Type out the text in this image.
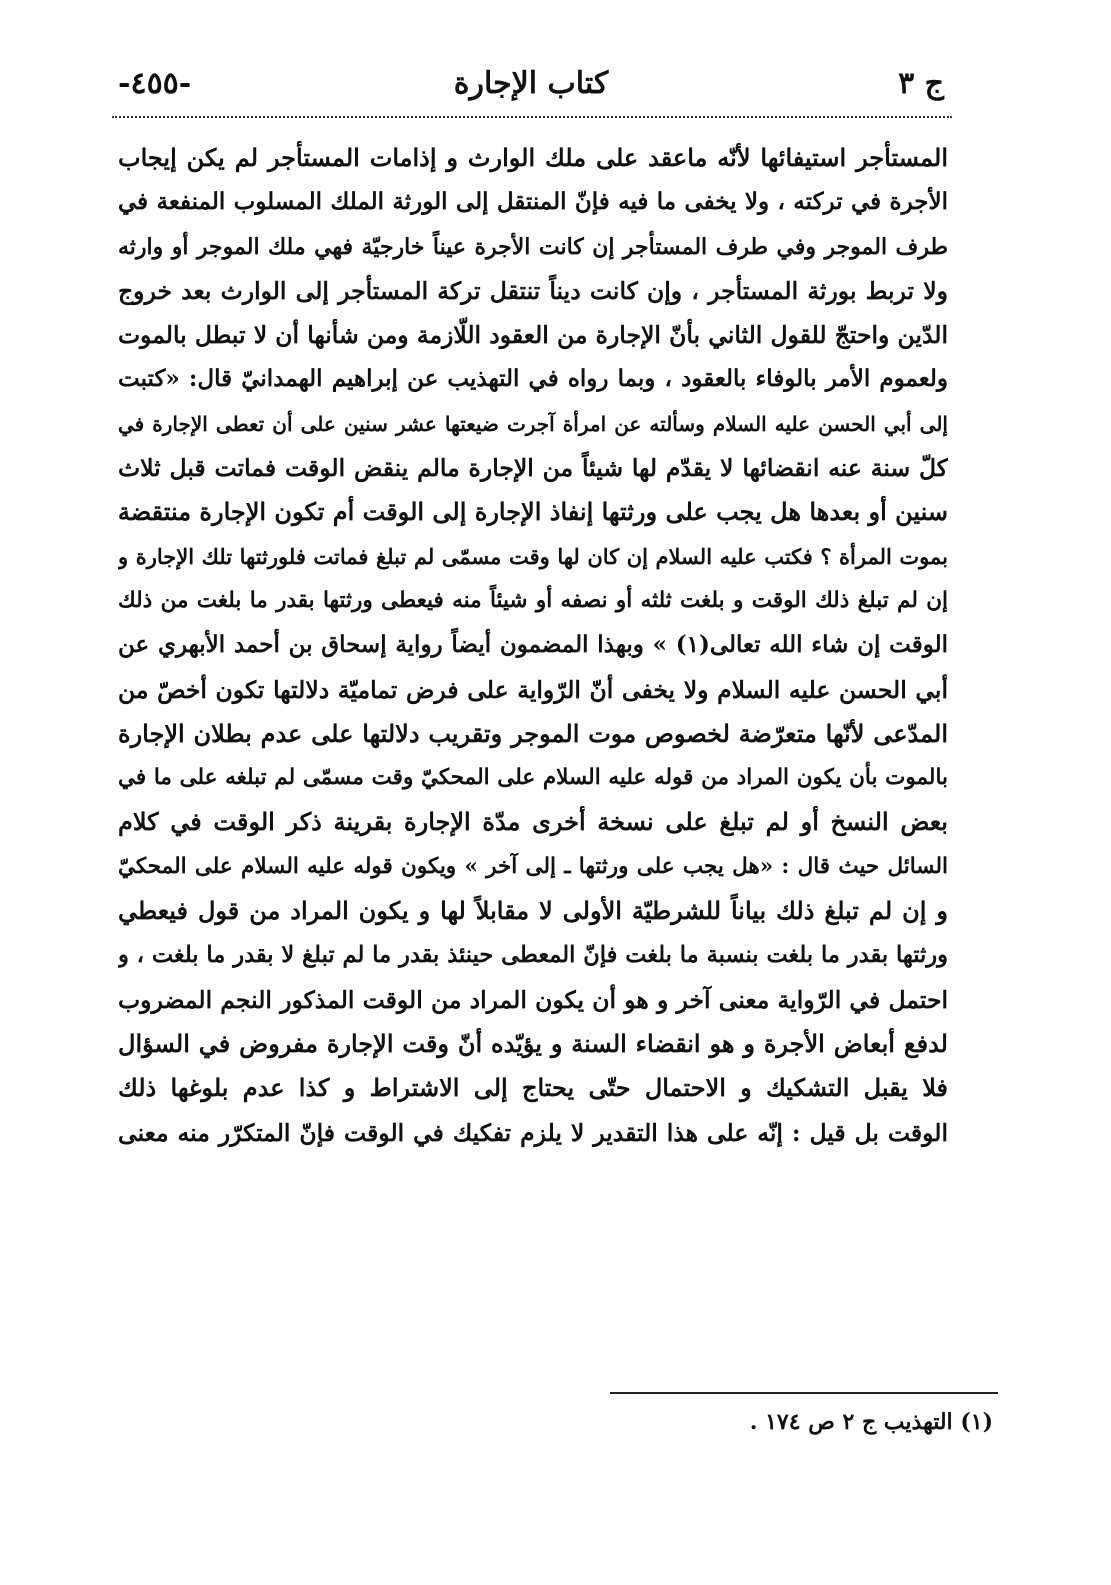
ج ٣
كتاب الإجارة
-٤٥٥-
المستأجر استيفائها لأنّه ماعقد على ملك الوارث و إذامات المستأجر لم يكن إيجاب
الأجرة في تركته ، ولا يخفى ما فيه فإنّ المنتقل إلى الورثة الملك المسلوب المنفعة في
طرف الموجر وفي طرف المستأجر إن كانت الأجرة عيناً خارجيّة فهي ملك الموجر أو وارثه
ولا تربط بورثة المستأجر ، وإن كانت ديناً تنتقل تركة المستأجر إلى الوارث بعد خروج
الدّين واحتجّ للقول الثاني بأنّ الإجارة من العقود اللّازمة ومن شأنها أن لا تبطل بالموت
ولعموم الأمر بالوفاء بالعقود ، وبما رواه في التهذيب عن إبراهيم الهمدانيّ قال: «كتبت
إلى أبي الحسن عليه السلام وسألته عن امرأة آجرت ضيعتها عشر سنين على أن تعطى الإجارة في
كلّ سنة عنه انقضائها لا يقدّم لها شيئاً من الإجارة مالم ينقض الوقت فماتت قبل ثلاث
سنين أو بعدها هل يجب على ورثتها إنفاذ الإجارة إلى الوقت أم تكون الإجارة منتقضة
بموت المرأة ؟ فكتب عليه السلام إن كان لها وقت مسمّى لم تبلغ فماتت فلورثتها تلك الإجارة و
إن لم تبلغ ذلك الوقت و بلغت ثلثه أو نصفه أو شيئاً منه فيعطى ورثتها بقدر ما بلغت من ذلك
الوقت إن شاء الله تعالى(١) » وبهذا المضمون أيضاً رواية إسحاق بن أحمد الأبهري عن
أبي الحسن عليه السلام ولا يخفى أنّ الرّواية على فرض تماميّة دلالتها تكون أخصّ من
المدّعى لأنّها متعرّضة لخصوص موت الموجر وتقريب دلالتها على عدم بطلان الإجارة
بالموت بأن يكون المراد من قوله عليه السلام على المحكيّ وقت مسمّى لم تبلغه على ما في
بعض النسخ أو لم تبلغ على نسخة أخرى مدّة الإجارة بقرينة ذكر الوقت في كلام
السائل حيث قال : «هل يجب على ورثتها ـ إلى آخر » ويكون قوله عليه السلام على المحكيّ
و إن لم تبلغ ذلك بياناً للشرطيّة الأولى لا مقابلاً لها و يكون المراد من قول فيعطي
ورثتها بقدر ما بلغت بنسبة ما بلغت فإنّ المعطى حينئذ بقدر ما لم تبلغ لا بقدر ما بلغت ، و
احتمل في الرّواية معنى آخر و هو أن يكون المراد من الوقت المذكور النجم المضروب
لدفع أبعاض الأجرة و هو انقضاء السنة و يؤيّده أنّ وقت الإجارة مفروض في السؤال
فلا يقبل التشكيك و الاحتمال حتّى يحتاج إلى الاشتراط و كذا عدم بلوغها ذلك
الوقت بل قيل : إنّه على هذا التقدير لا يلزم تفكيك في الوقت فإنّ المتكرّر منه معنى
(١) التهذيب ج ٢ ص ١٧٤ .
